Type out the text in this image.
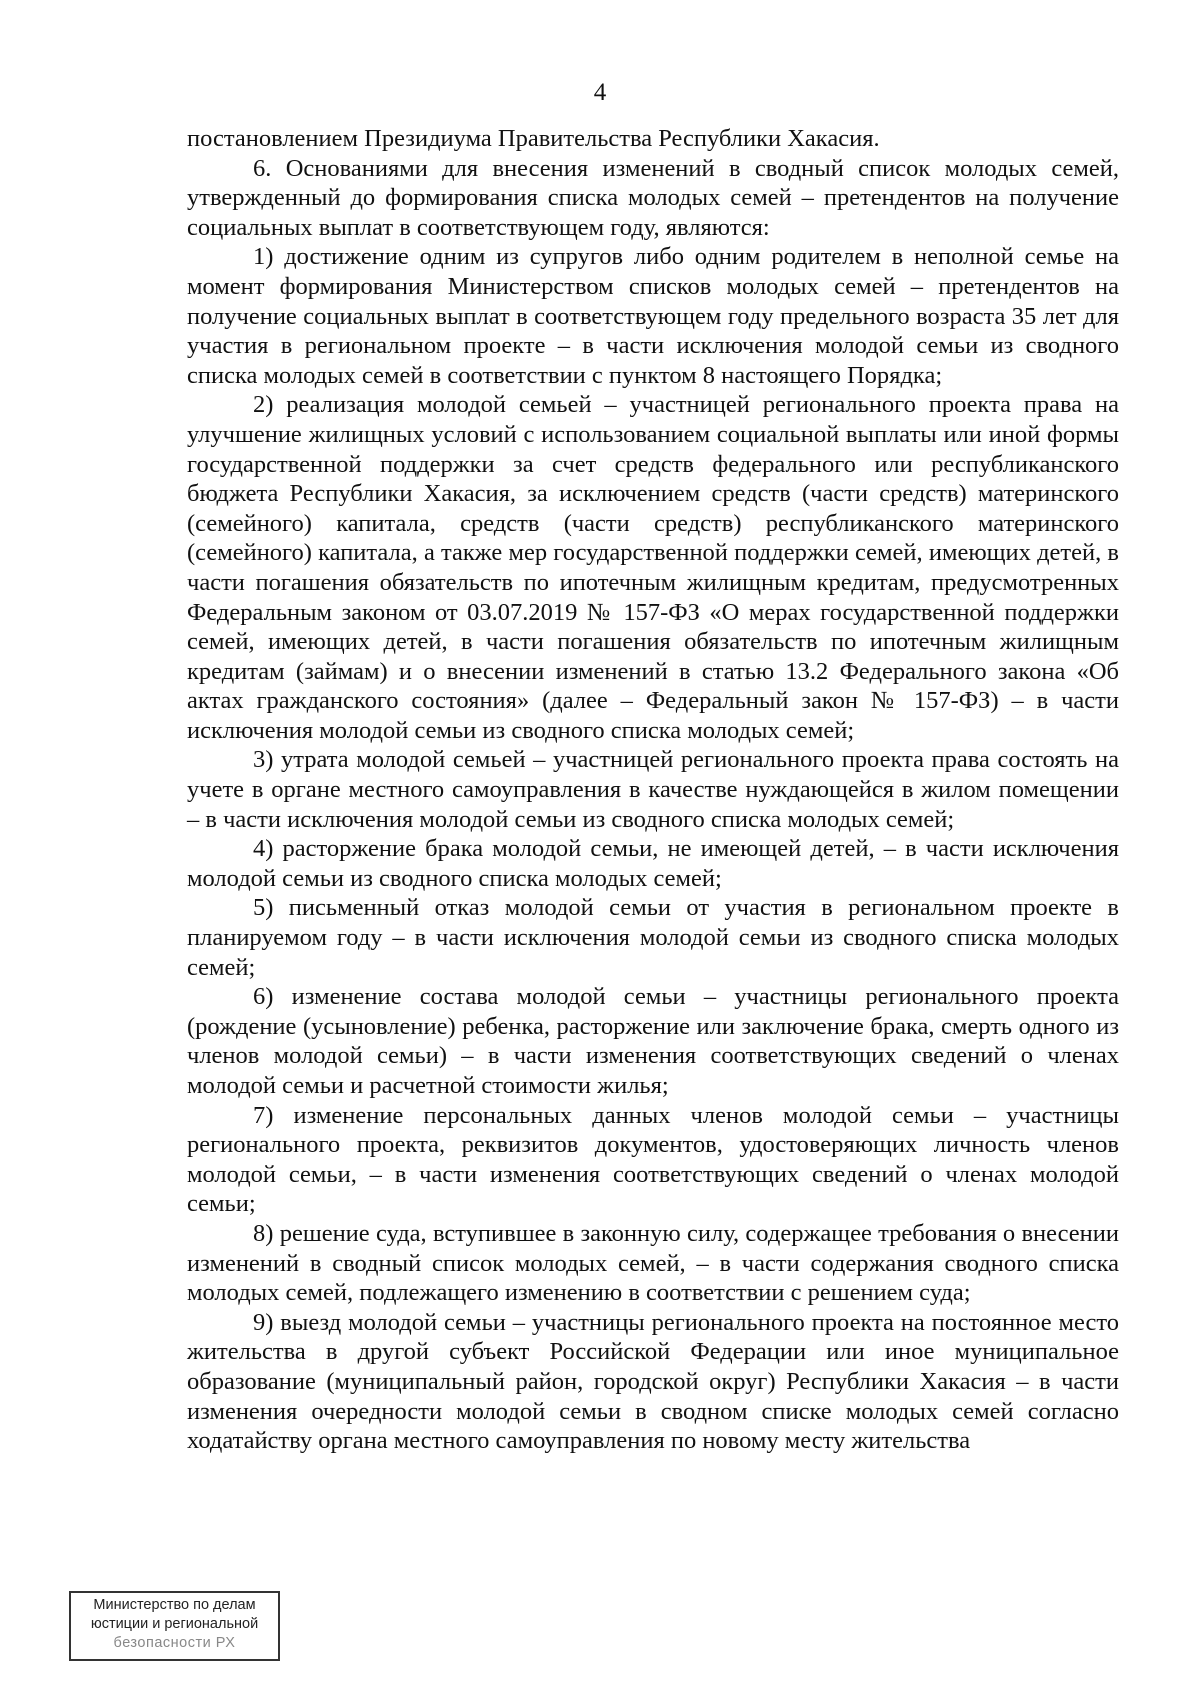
4

постановлением Президиума Правительства Республики Хакасия.

6. Основаниями для внесения изменений в сводный список молодых семей, утвержденный до формирования списка молодых семей – претендентов на получение социальных выплат в соответствующем году, являются:

1) достижение одним из супругов либо одним родителем в неполной семье на момент формирования Министерством списков молодых семей – претендентов на получение социальных выплат в соответствующем году предельного возраста 35 лет для участия в региональном проекте – в части исключения молодой семьи из сводного списка молодых семей в соответствии с пунктом 8 настоящего Порядка;

2) реализация молодой семьей – участницей регионального проекта права на улучшение жилищных условий с использованием социальной выплаты или иной формы государственной поддержки за счет средств федерального или республиканского бюджета Республики Хакасия, за исключением средств (части средств) материнского (семейного) капитала, средств (части средств) республиканского материнского (семейного) капитала, а также мер государственной поддержки семей, имеющих детей, в части погашения обязательств по ипотечным жилищным кредитам, предусмотренных Федеральным законом от 03.07.2019 № 157-ФЗ «О мерах государственной поддержки семей, имеющих детей, в части погашения обязательств по ипотечным жилищным кредитам (займам) и о внесении изменений в статью 13.2 Федерального закона «Об актах гражданского состояния» (далее – Федеральный закон № 157-ФЗ) – в части исключения молодой семьи из сводного списка молодых семей;

3) утрата молодой семьей – участницей регионального проекта права состоять на учете в органе местного самоуправления в качестве нуждающейся в жилом помещении – в части исключения молодой семьи из сводного списка молодых семей;

4) расторжение брака молодой семьи, не имеющей детей, – в части исключения молодой семьи из сводного списка молодых семей;

5) письменный отказ молодой семьи от участия в региональном проекте в планируемом году – в части исключения молодой семьи из сводного списка молодых семей;

6) изменение состава молодой семьи – участницы регионального проекта (рождение (усыновление) ребенка, расторжение или заключение брака, смерть одного из членов молодой семьи) – в части изменения соответствующих сведений о членах молодой семьи и расчетной стоимости жилья;

7) изменение персональных данных членов молодой семьи – участницы регионального проекта, реквизитов документов, удостоверяющих личность членов молодой семьи, – в части изменения соответствующих сведений о членах молодой семьи;

8) решение суда, вступившее в законную силу, содержащее требования о внесении изменений в сводный список молодых семей, – в части содержания сводного списка молодых семей, подлежащего изменению в соответствии с решением суда;

9) выезд молодой семьи – участницы регионального проекта на постоянное место жительства в другой субъект Российской Федерации или иное муниципальное образование (муниципальный район, городской округ) Республики Хакасия – в части изменения очередности молодой семьи в сводном списке молодых семей согласно ходатайству органа местного самоуправления по новому месту жительства

Министерство по делам
юстиции и региональной
безопасности РХ
